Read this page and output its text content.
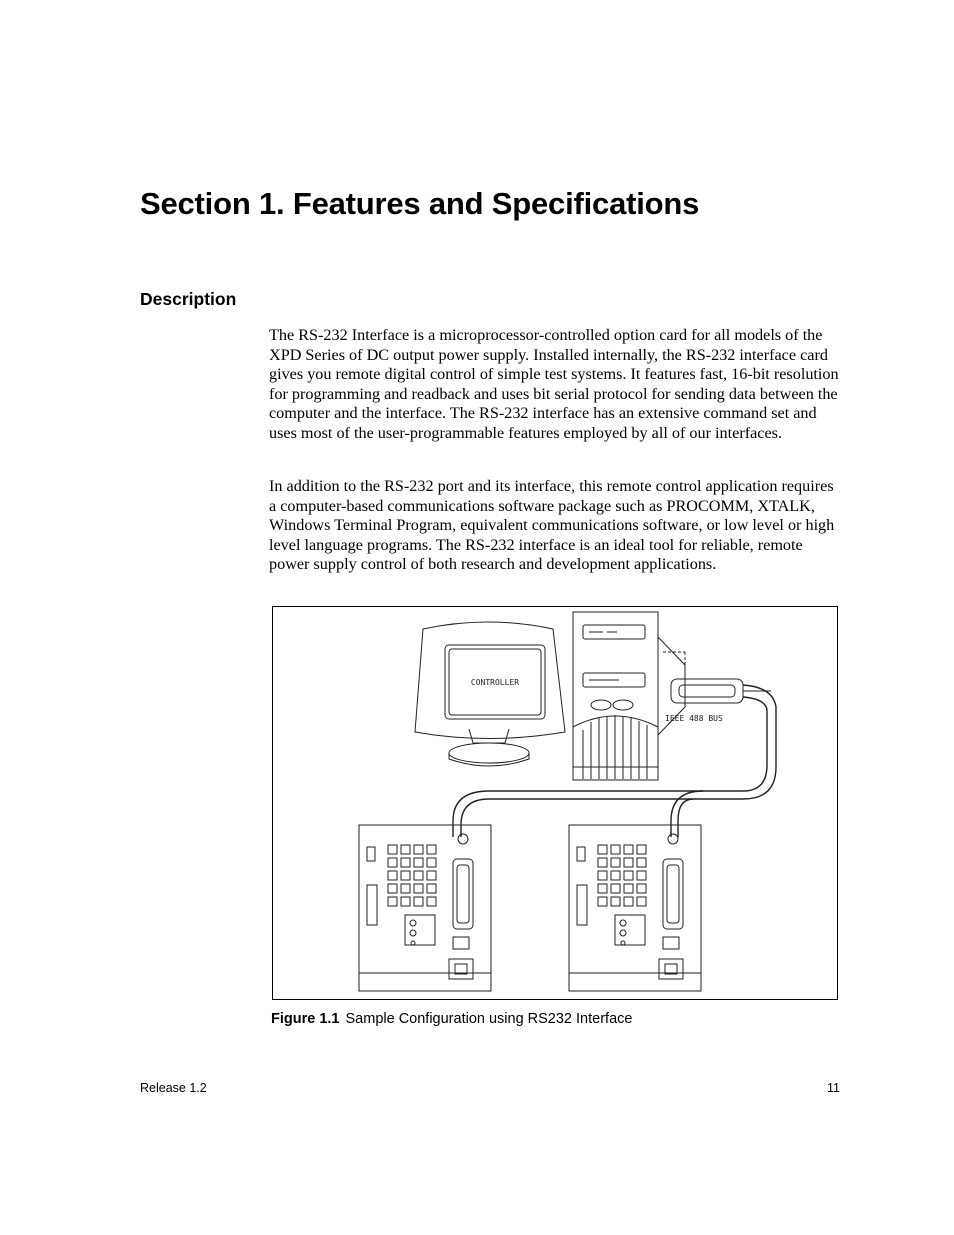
Section 1. Features and Specifications
Description

The RS-232 Interface is a microprocessor-controlled option card for all models of the XPD Series of DC output power supply. Installed internally, the RS-232 interface card gives you remote digital control of simple test systems. It features fast, 16-bit resolution for programming and readback and uses bit serial protocol for sending data between the computer and the interface. The RS-232 interface has an extensive command set and uses most of the user-programmable features employed by all of our interfaces.

In addition to the RS-232 port and its interface, this remote control application requires a computer-based communications software package such as PROCOMM, XTALK, Windows Terminal Program, equivalent communications software, or low level or high level language programs. The RS-232 interface is an ideal tool for reliable, remote power supply control of both research and development applications.

CONTROLLER
IEEE 488 BUS
Figure 1.1 Sample Configuration using RS232 Interface
Release 1.2	11
